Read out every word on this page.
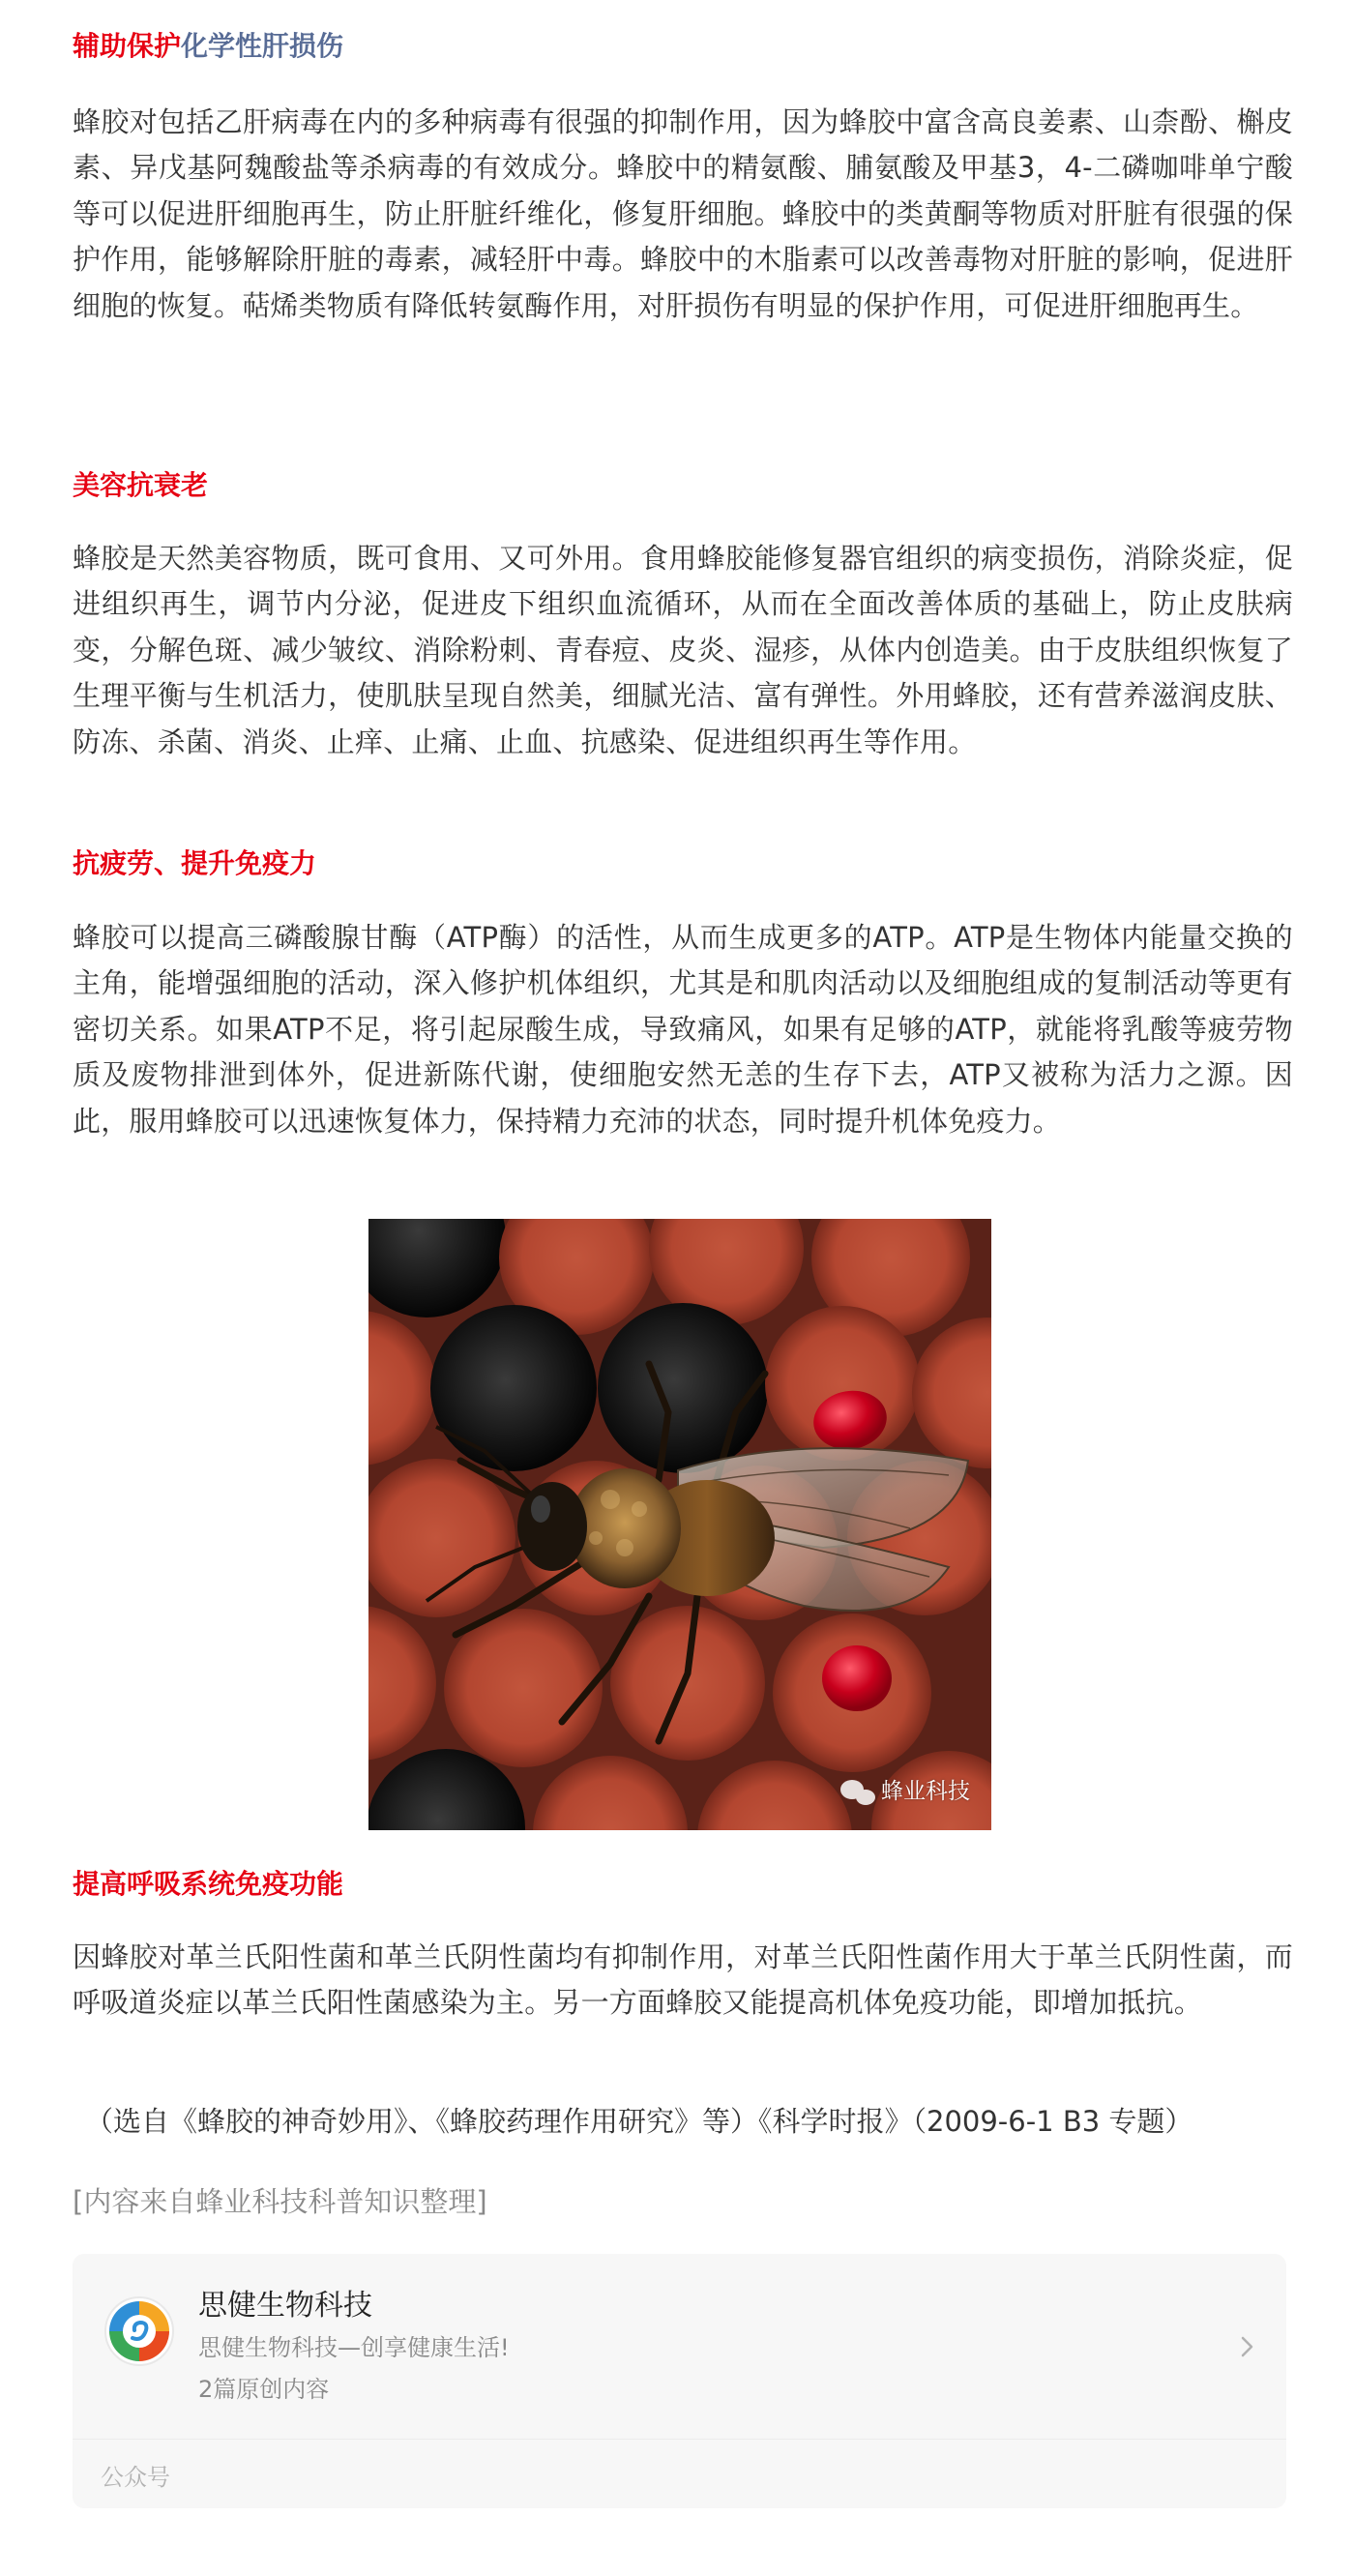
辅助保护化学性肝损伤
蜂胶对包括乙肝病毒在内的多种病毒有很强的抑制作用，因为蜂胶中富含高良姜素、山柰酚、槲皮素、异戊基阿魏酸盐等杀病毒的有效成分。蜂胶中的精氨酸、脯氨酸及甲基3，4-二磷咖啡单宁酸等可以促进肝细胞再生，防止肝脏纤维化，修复肝细胞。蜂胶中的类黄酮等物质对肝脏有很强的保护作用，能够解除肝脏的毒素，减轻肝中毒。蜂胶中的木脂素可以改善毒物对肝脏的影响，促进肝细胞的恢复。萜烯类物质有降低转氨酶作用，对肝损伤有明显的保护作用，可促进肝细胞再生。
美容抗衰老
蜂胶是天然美容物质，既可食用、又可外用。食用蜂胶能修复器官组织的病变损伤，消除炎症，促进组织再生，调节内分泌，促进皮下组织血流循环，从而在全面改善体质的基础上，防止皮肤病变，分解色斑、减少皱纹、消除粉刺、青春痘、皮炎、湿疹，从体内创造美。由于皮肤组织恢复了生理平衡与生机活力，使肌肤呈现自然美，细腻光洁、富有弹性。外用蜂胶，还有营养滋润皮肤、防冻、杀菌、消炎、止痒、止痛、止血、抗感染、促进组织再生等作用。
抗疲劳、提升免疫力
蜂胶可以提高三磷酸腺甘酶（ATP酶）的活性，从而生成更多的ATP。ATP是生物体内能量交换的主角，能增强细胞的活动，深入修护机体组织，尤其是和肌肉活动以及细胞组成的复制活动等更有密切关系。如果ATP不足，将引起尿酸生成，导致痛风，如果有足够的ATP，就能将乳酸等疲劳物质及废物排泄到体外，促进新陈代谢，使细胞安然无恙的生存下去，ATP又被称为活力之源。因此，服用蜂胶可以迅速恢复体力，保持精力充沛的状态，同时提升机体免疫力。
蜂业科技
提高呼吸系统免疫功能
因蜂胶对革兰氏阳性菌和革兰氏阴性菌均有抑制作用，对革兰氏阳性菌作用大于革兰氏阴性菌，而呼吸道炎症以革兰氏阳性菌感染为主。另一方面蜂胶又能提高机体免疫功能，即增加抵抗。
（选自《蜂胶的神奇妙用》、《蜂胶药理作用研究》等）《科学时报》（2009-6-1 B3 专题）
[内容来自蜂业科技科普知识整理]
思健生物科技
思健生物科技—创享健康生活!
2篇原创内容
公众号
